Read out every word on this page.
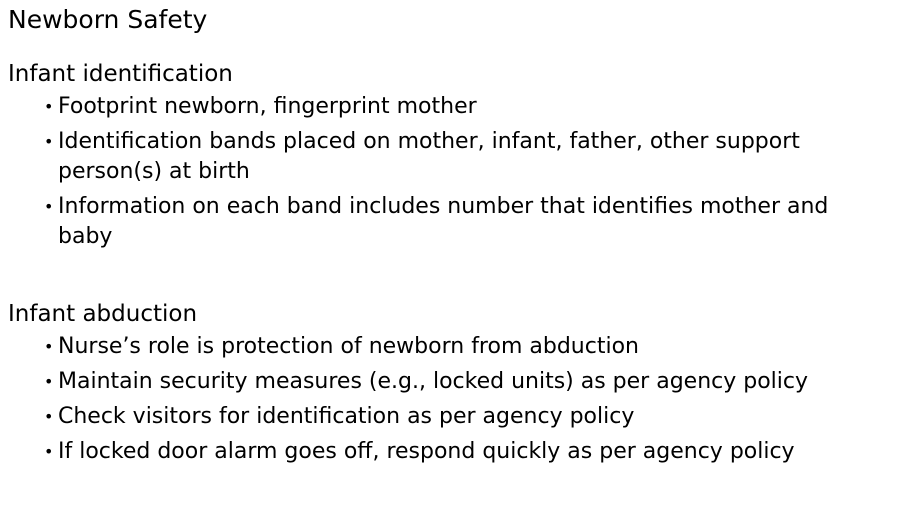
Newborn Safety
Infant identification
• Footprint newborn, fingerprint mother
• Identification bands placed on mother, infant, father, other support person(s) at birth
• Information on each band includes number that identifies mother and baby
Infant abduction
• Nurse’s role is protection of newborn from abduction
• Maintain security measures (e.g., locked units) as per agency policy
• Check visitors for identification as per agency policy
• If locked door alarm goes off, respond quickly as per agency policy
